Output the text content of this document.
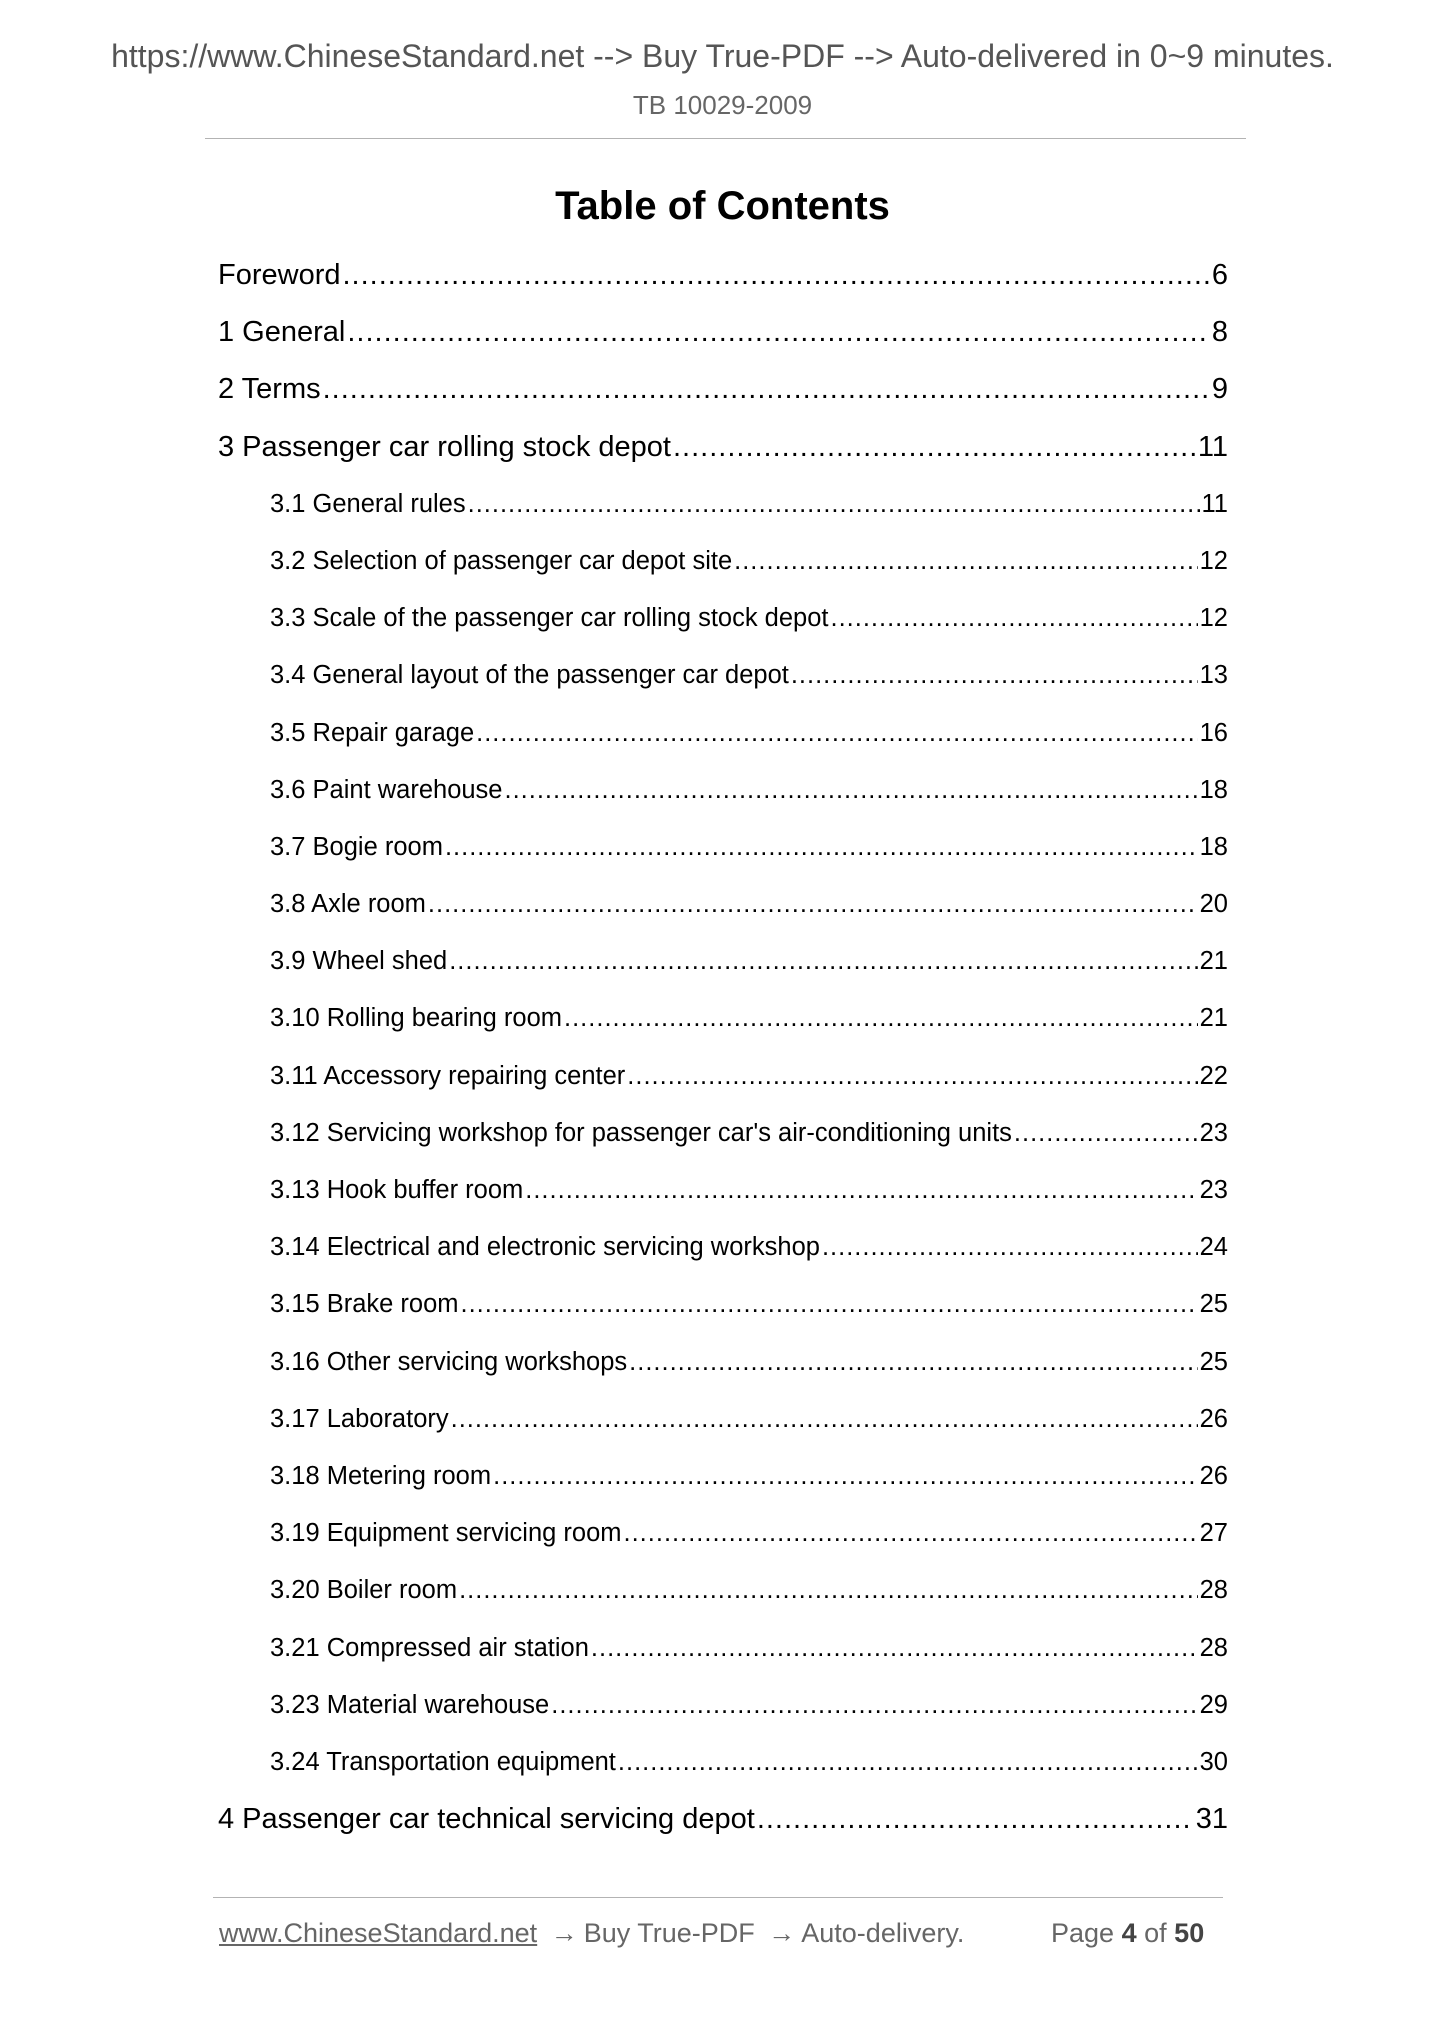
https://www.ChineseStandard.net --> Buy True-PDF --> Auto-delivered in 0~9 minutes.
TB 10029-2009
Table of Contents
Foreword .....	6
1 General .....	8
2 Terms .....	9
3 Passenger car rolling stock depot .....	11
3.1 General rules .....	11
3.2 Selection of passenger car depot site .....	12
3.3 Scale of the passenger car rolling stock depot .....	12
3.4 General layout of the passenger car depot .....	13
3.5 Repair garage .....	16
3.6 Paint warehouse .....	18
3.7 Bogie room .....	18
3.8 Axle room .....	20
3.9 Wheel shed .....	21
3.10 Rolling bearing room .....	21
3.11 Accessory repairing center .....	22
3.12 Servicing workshop for passenger car's air-conditioning units .....	23
3.13 Hook buffer room .....	23
3.14 Electrical and electronic servicing workshop .....	24
3.15 Brake room .....	25
3.16 Other servicing workshops .....	25
3.17 Laboratory .....	26
3.18 Metering room .....	26
3.19 Equipment servicing room .....	27
3.20 Boiler room .....	28
3.21 Compressed air station .....	28
3.23 Material warehouse .....	29
3.24 Transportation equipment .....	30
4 Passenger car technical servicing depot .....	31
www.ChineseStandard.net → Buy True-PDF → Auto-delivery.	Page 4 of 50
